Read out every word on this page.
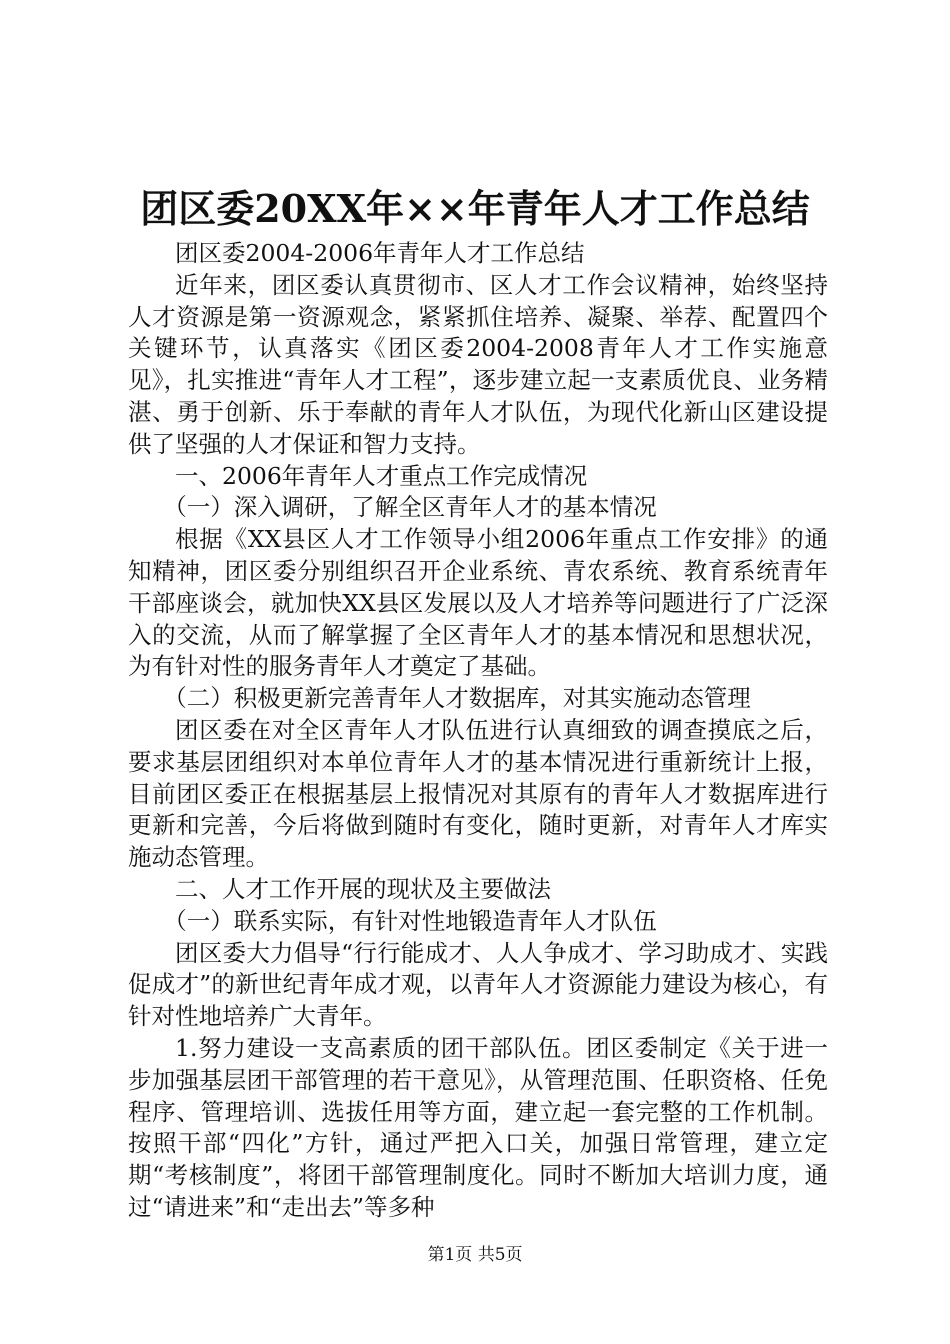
团区委20XX年××年青年人才工作总结

团区委2004-2006年青年人才工作总结

近年来，团区委认真贯彻市、区人才工作会议精神，始终坚持人才资源是第一资源观念，紧紧抓住培养、凝聚、举荐、配置四个关键环节，认真落实《团区委2004-2008青年人才工作实施意见》，扎实推进“青年人才工程”，逐步建立起一支素质优良、业务精湛、勇于创新、乐于奉献的青年人才队伍，为现代化新山区建设提供了坚强的人才保证和智力支持。

一、2006年青年人才重点工作完成情况

（一）深入调研，了解全区青年人才的基本情况

根据《XX县区人才工作领导小组2006年重点工作安排》的通知精神，团区委分别组织召开企业系统、青农系统、教育系统青年干部座谈会，就加快XX县区发展以及人才培养等问题进行了广泛深入的交流，从而了解掌握了全区青年人才的基本情况和思想状况，为有针对性的服务青年人才奠定了基础。

（二）积极更新完善青年人才数据库，对其实施动态管理

团区委在对全区青年人才队伍进行认真细致的调查摸底之后，要求基层团组织对本单位青年人才的基本情况进行重新统计上报，目前团区委正在根据基层上报情况对其原有的青年人才数据库进行更新和完善，今后将做到随时有变化，随时更新，对青年人才库实施动态管理。

二、人才工作开展的现状及主要做法

（一）联系实际，有针对性地锻造青年人才队伍

团区委大力倡导“行行能成才、人人争成才、学习助成才、实践促成才”的新世纪青年成才观，以青年人才资源能力建设为核心，有针对性地培养广大青年。

1.努力建设一支高素质的团干部队伍。团区委制定《关于进一步加强基层团干部管理的若干意见》，从管理范围、任职资格、任免程序、管理培训、选拔任用等方面，建立起一套完整的工作机制。按照干部“四化”方针，通过严把入口关，加强日常管理，建立定期“考核制度”，将团干部管理制度化。同时不断加大培训力度，通过“请进来”和“走出去”等多种

第1页 共5页
